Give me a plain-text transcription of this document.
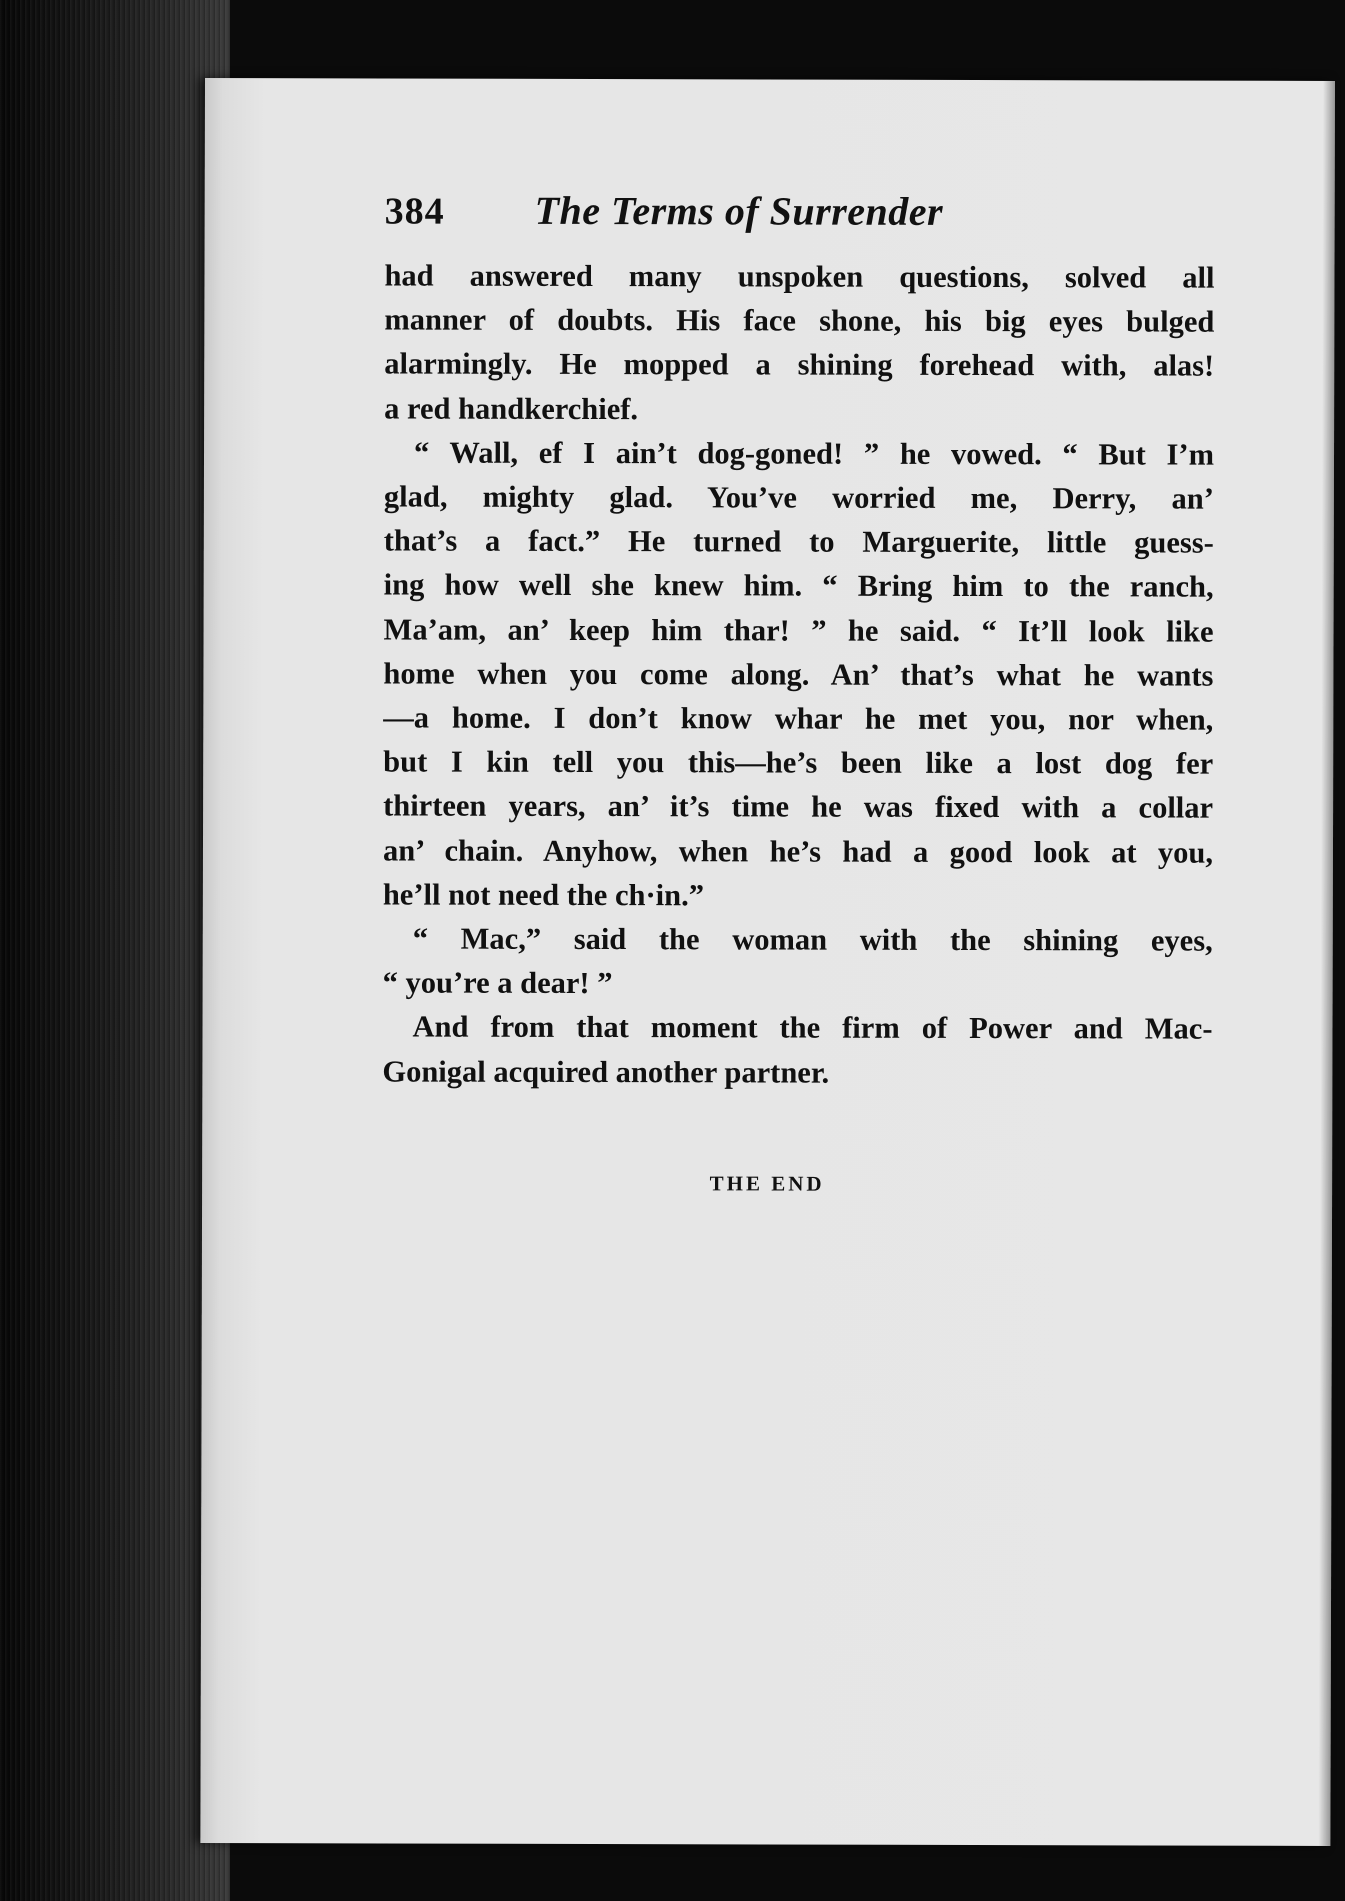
384	The Terms of Surrender

had answered many unspoken questions, solved all
manner of doubts. His face shone, his big eyes bulged
alarmingly. He mopped a shining forehead with, alas!
a red handkerchief.

“ Wall, ef I ain’t dog-goned! ” he vowed. “ But I’m
glad, mighty glad. You’ve worried me, Derry, an’
that’s a fact.” He turned to Marguerite, little guess-
ing how well she knew him. “ Bring him to the ranch,
Ma’am, an’ keep him thar! ” he said. “ It’ll look like
home when you come along. An’ that’s what he wants
—a home. I don’t know whar he met you, nor when,
but I kin tell you this—he’s been like a lost dog fer
thirteen years, an’ it’s time he was fixed with a collar
an’ chain. Anyhow, when he’s had a good look at you,
he’ll not need the ch·in.”

“ Mac,” said the woman with the shining eyes,
“ you’re a dear! ”

And from that moment the firm of Power and Mac-
Gonigal acquired another partner.

THE END
